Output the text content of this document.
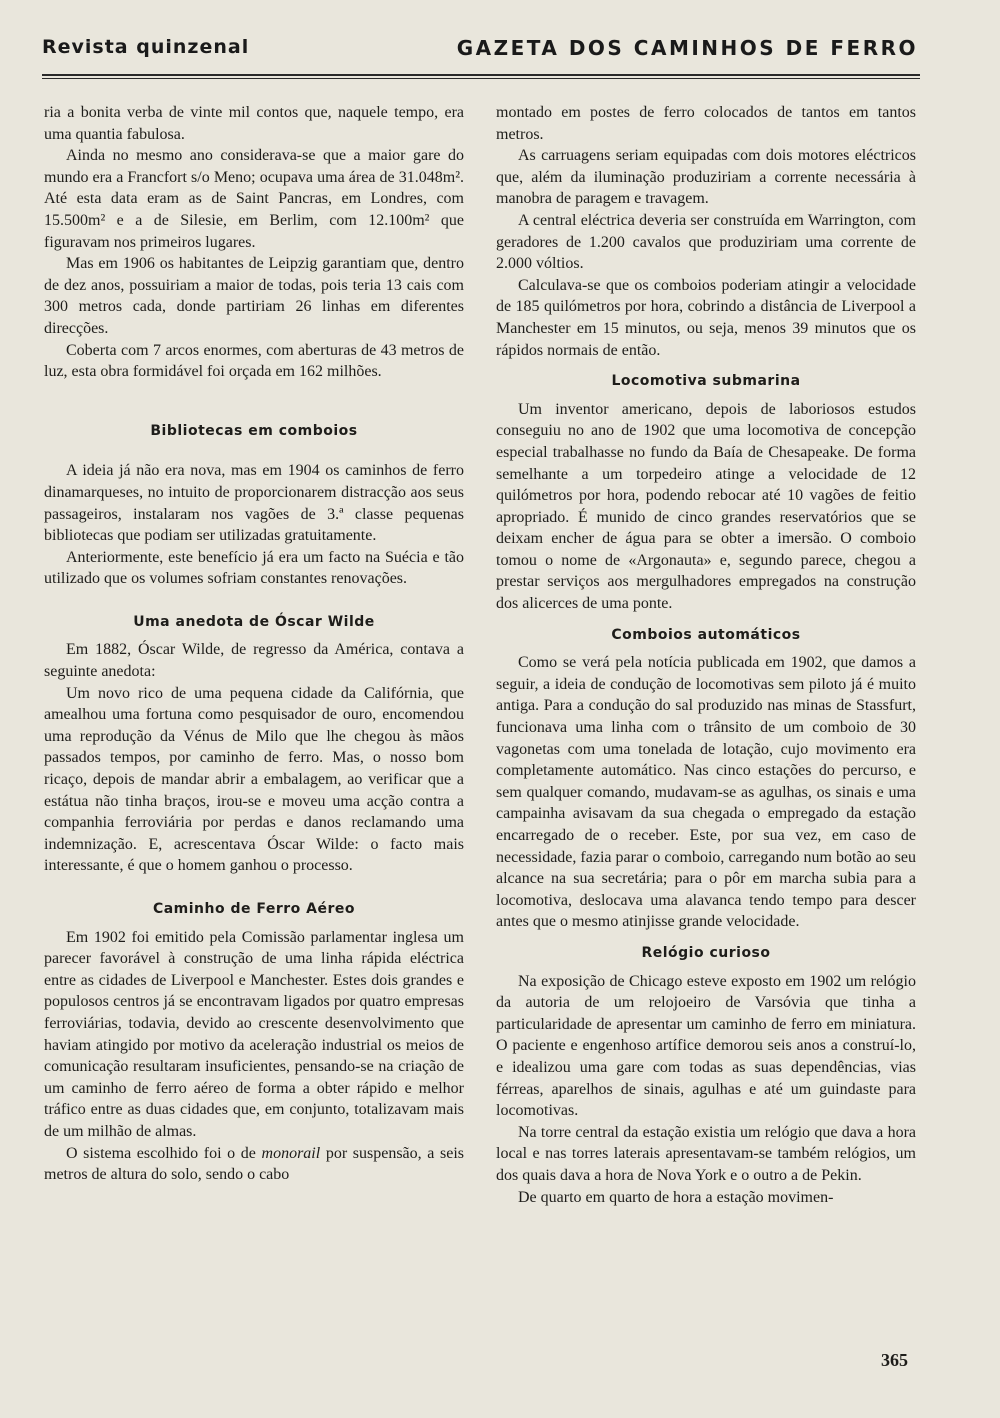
Revista quinzenal	GAZETA DOS CAMINHOS DE FERRO

ria a bonita verba de vinte mil contos que, naquele tempo, era uma quantia fabulosa.

Ainda no mesmo ano considerava-se que a maior gare do mundo era a Francfort s/o Meno; ocupava uma área de 31.048m². Até esta data eram as de Saint Pancras, em Londres, com 15.500m² e a de Silesie, em Berlim, com 12.100m² que figuravam nos primeiros lugares.

Mas em 1906 os habitantes de Leipzig garantiam que, dentro de dez anos, possuiriam a maior de todas, pois teria 13 cais com 300 metros cada, donde partiriam 26 linhas em diferentes direcções.

Coberta com 7 arcos enormes, com aberturas de 43 metros de luz, esta obra formidável foi orçada em 162 milhões.

Bibliotecas em comboios

A ideia já não era nova, mas em 1904 os caminhos de ferro dinamarqueses, no intuito de proporcionarem distracção aos seus passageiros, instalaram nos vagões de 3.ª classe pequenas bibliotecas que podiam ser utilizadas gratuitamente.

Anteriormente, este benefício já era um facto na Suécia e tão utilizado que os volumes sofriam constantes renovações.

Uma anedota de Óscar Wilde

Em 1882, Óscar Wilde, de regresso da América, contava a seguinte anedota:

Um novo rico de uma pequena cidade da Califórnia, que amealhou uma fortuna como pesquisador de ouro, encomendou uma reprodução da Vénus de Milo que lhe chegou às mãos passados tempos, por caminho de ferro. Mas, o nosso bom ricaço, depois de mandar abrir a embalagem, ao verificar que a estátua não tinha braços, irou-se e moveu uma acção contra a companhia ferroviária por perdas e danos reclamando uma indemnização. E, acrescentava Óscar Wilde: o facto mais interessante, é que o homem ganhou o processo.

Caminho de Ferro Aéreo

Em 1902 foi emitido pela Comissão parlamentar inglesa um parecer favorável à construção de uma linha rápida eléctrica entre as cidades de Liverpool e Manchester. Estes dois grandes e populosos centros já se encontravam ligados por quatro empresas ferroviárias, todavia, devido ao crescente desenvolvimento que haviam atingido por motivo da aceleração industrial os meios de comunicação resultaram insuficientes, pensando-se na criação de um caminho de ferro aéreo de forma a obter rápido e melhor tráfico entre as duas cidades que, em conjunto, totalizavam mais de um milhão de almas.

O sistema escolhido foi o de monorail por suspensão, a seis metros de altura do solo, sendo o cabo

montado em postes de ferro colocados de tantos em tantos metros.

As carruagens seriam equipadas com dois motores eléctricos que, além da iluminação produziriam a corrente necessária à manobra de paragem e travagem.

A central eléctrica deveria ser construída em Warrington, com geradores de 1.200 cavalos que produziriam uma corrente de 2.000 vóltios.

Calculava-se que os comboios poderiam atingir a velocidade de 185 quilómetros por hora, cobrindo a distância de Liverpool a Manchester em 15 minutos, ou seja, menos 39 minutos que os rápidos normais de então.

Locomotiva submarina

Um inventor americano, depois de laboriosos estudos conseguiu no ano de 1902 que uma locomotiva de concepção especial trabalhasse no fundo da Baía de Chesapeake. De forma semelhante a um torpedeiro atinge a velocidade de 12 quilómetros por hora, podendo rebocar até 10 vagões de feitio apropriado. É munido de cinco grandes reservatórios que se deixam encher de água para se obter a imersão. O comboio tomou o nome de «Argonauta» e, segundo parece, chegou a prestar serviços aos mergulhadores empregados na construção dos alicerces de uma ponte.

Comboios automáticos

Como se verá pela notícia publicada em 1902, que damos a seguir, a ideia de condução de locomotivas sem piloto já é muito antiga. Para a condução do sal produzido nas minas de Stassfurt, funcionava uma linha com o trânsito de um comboio de 30 vagonetas com uma tonelada de lotação, cujo movimento era completamente automático. Nas cinco estações do percurso, e sem qualquer comando, mudavam-se as agulhas, os sinais e uma campainha avisavam da sua chegada o empregado da estação encarregado de o receber. Este, por sua vez, em caso de necessidade, fazia parar o comboio, carregando num botão ao seu alcance na sua secretária; para o pôr em marcha subia para a locomotiva, deslocava uma alavanca tendo tempo para descer antes que o mesmo atinjisse grande velocidade.

Relógio curioso

Na exposição de Chicago esteve exposto em 1902 um relógio da autoria de um relojoeiro de Varsóvia que tinha a particularidade de apresentar um caminho de ferro em miniatura. O paciente e engenhoso artífice demorou seis anos a construí-lo, e idealizou uma gare com todas as suas dependências, vias férreas, aparelhos de sinais, agulhas e até um guindaste para locomotivas.

Na torre central da estação existia um relógio que dava a hora local e nas torres laterais apresentavam-se também relógios, um dos quais dava a hora de Nova York e o outro a de Pekin.

De quarto em quarto de hora a estação movimen-

365
